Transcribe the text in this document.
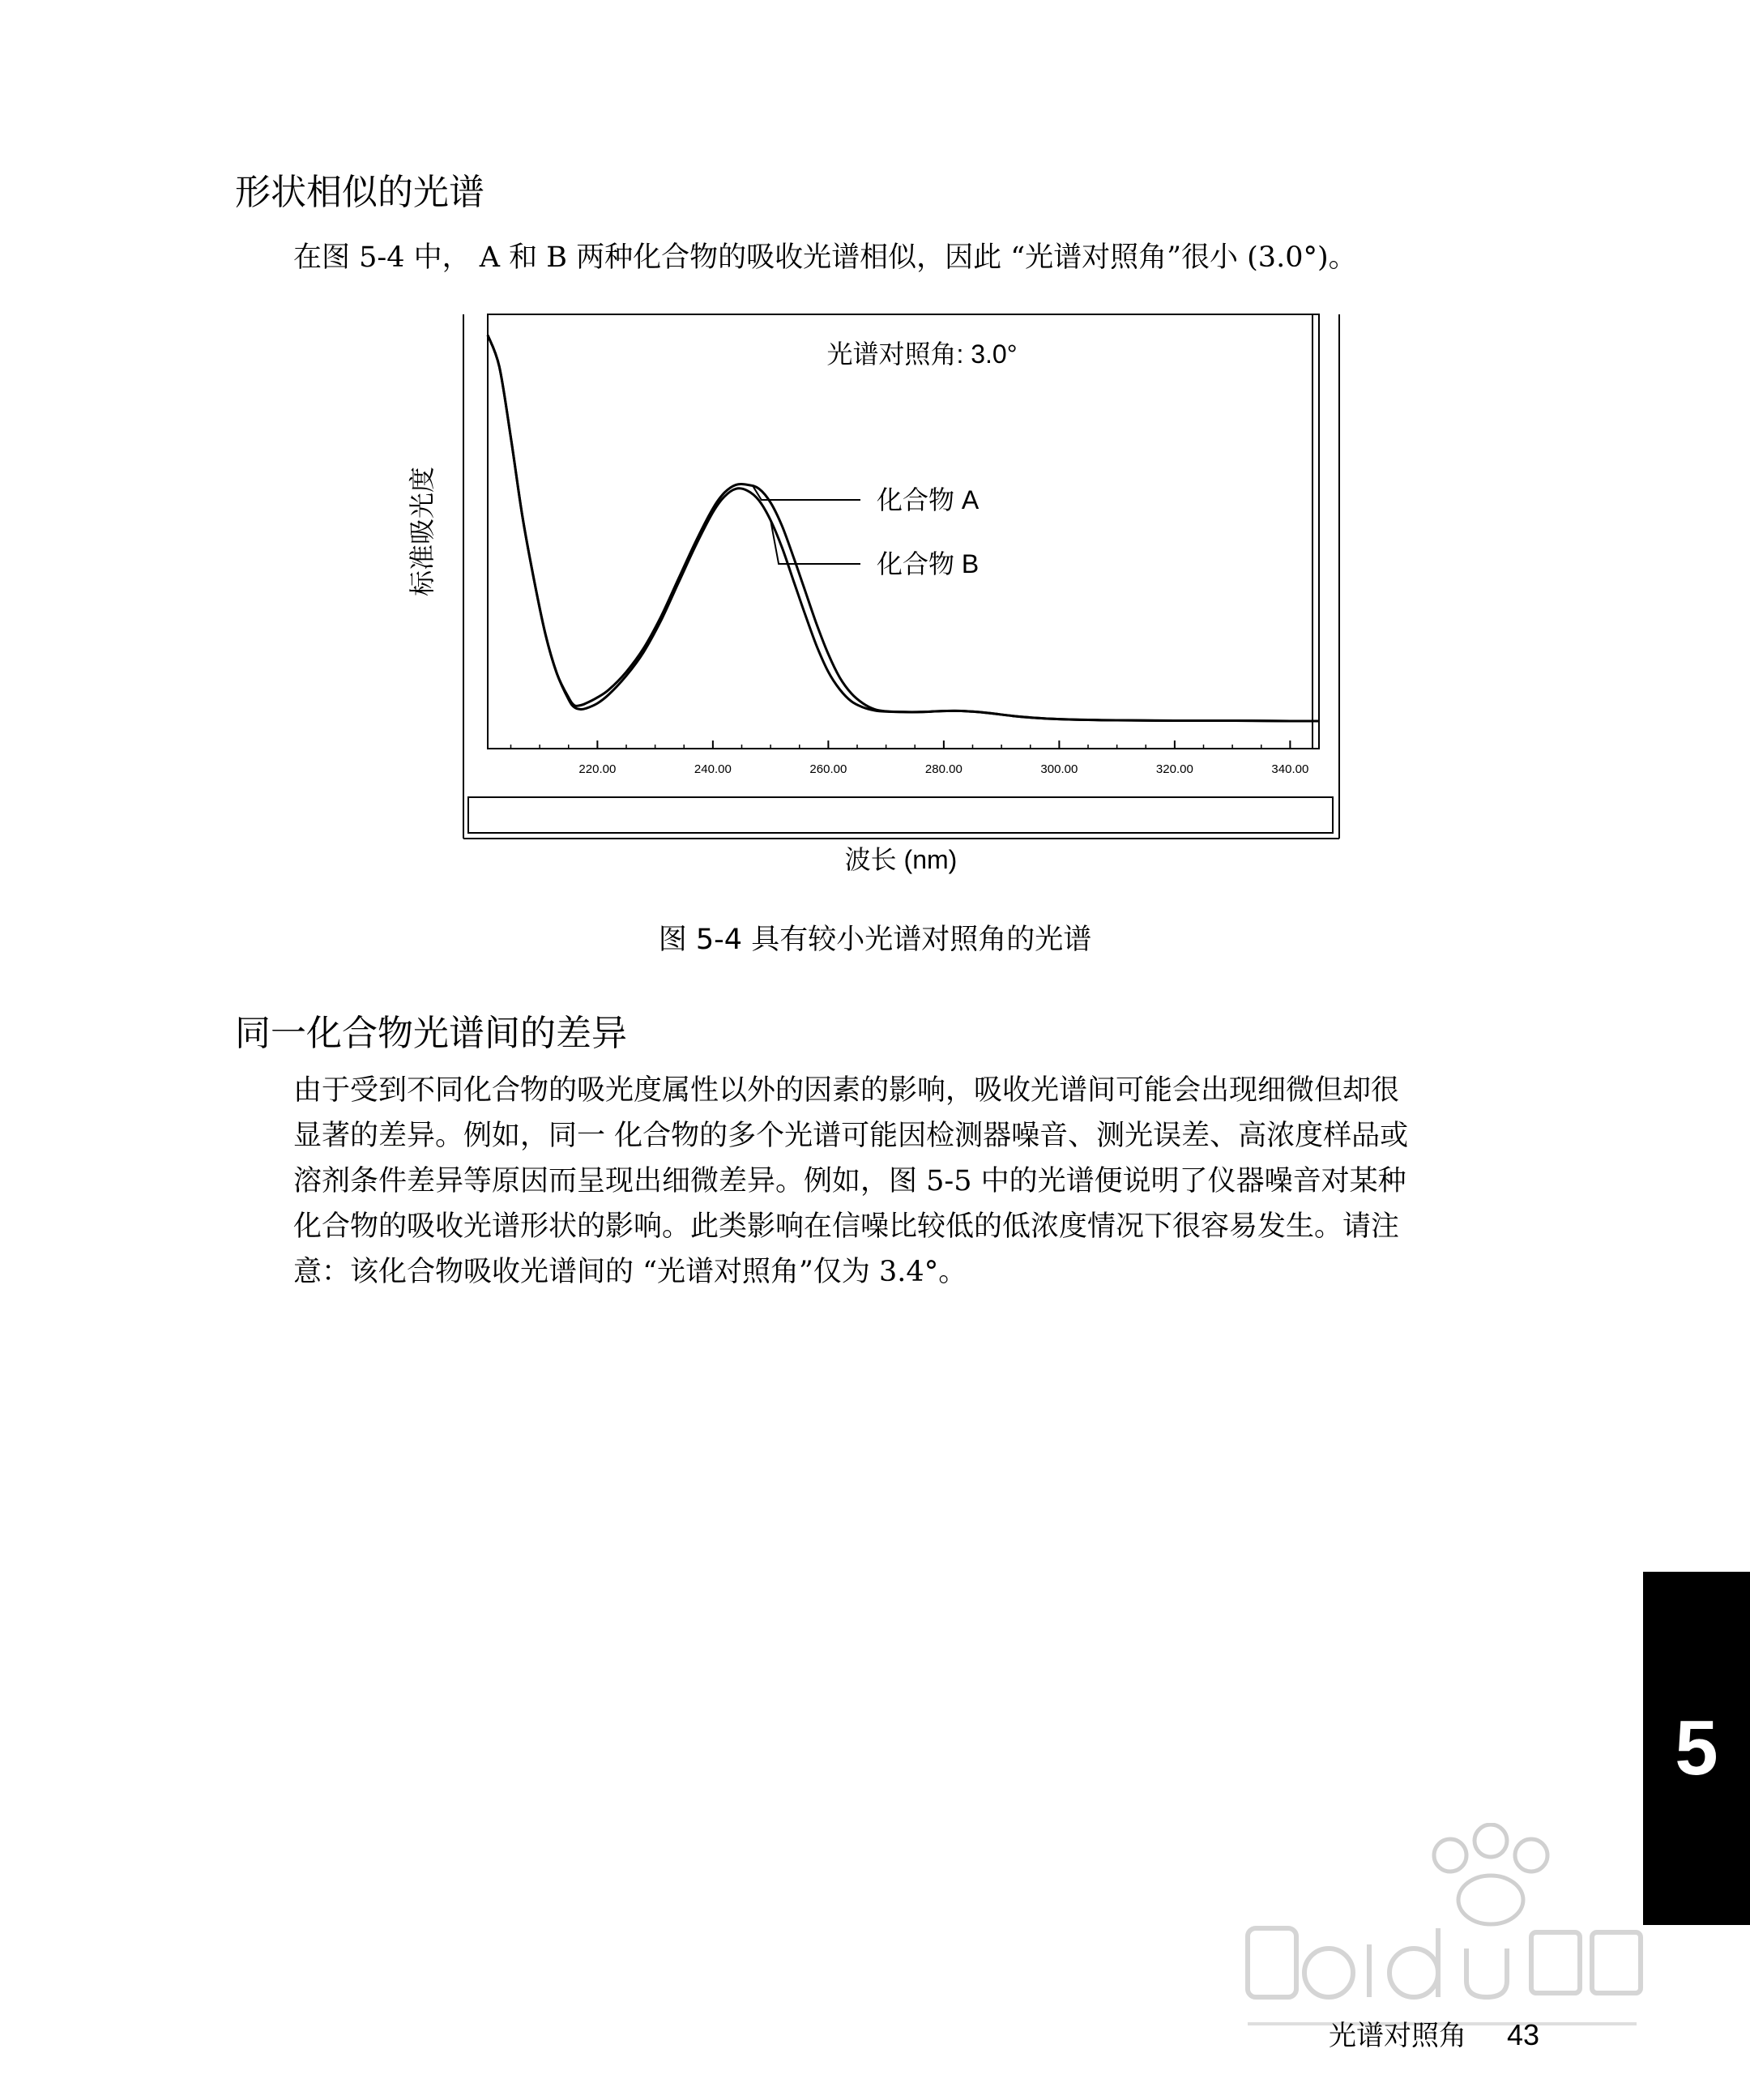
形状相似的光谱

在图 5-4 中， A 和 B 两种化合物的吸收光谱相似，因此 “光谱对照角”很小 (3.0°)。

220.00	240.00	260.00	280.00	300.00	320.00	340.00
化合物 A
化合物 B
光谱对照角: 3.0°
标准吸光度
波长 (nm)

图 5-4 具有较小光谱对照角的光谱

同一化合物光谱间的差异
由于受到不同化合物的吸光度属性以外的因素的影响，吸收光谱间可能会出现细微但却很
显著的差异。例如，同一 化合物的多个光谱可能因检测器噪音、测光误差、高浓度样品或
溶剂条件差异等原因而呈现出细微差异。例如，图 5-5 中的光谱便说明了仪器噪音对某种
化合物的吸收光谱形状的影响。此类影响在信噪比较低的低浓度情况下很容易发生。请注
意：该化合物吸收光谱间的 “光谱对照角”仅为 3.4°。
5
光谱对照角 43
